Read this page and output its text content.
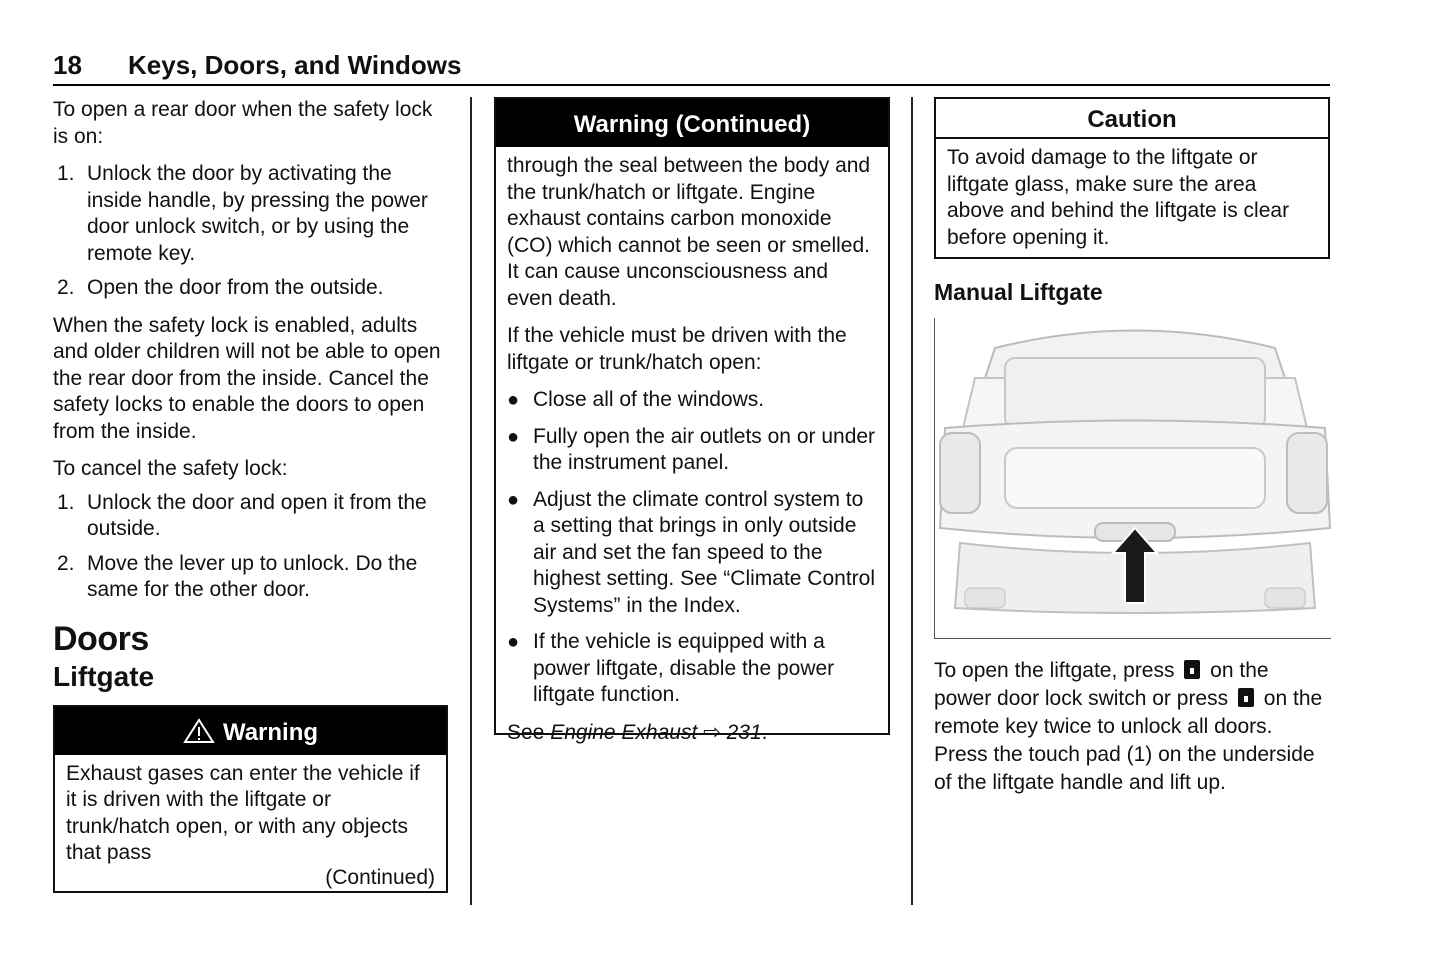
18 Keys, Doors, and Windows

To open a rear door when the safety lock is on:

1. Unlock the door by activating the inside handle, by pressing the power door unlock switch, or by using the remote key.
2. Open the door from the outside.

When the safety lock is enabled, adults and older children will not be able to open the rear door from the inside. Cancel the safety locks to enable the doors to open from the inside.

To cancel the safety lock:

1. Unlock the door and open it from the outside.
2. Move the lever up to unlock. Do the same for the other door.
Doors
Liftgate
Warning
Exhaust gases can enter the vehicle if it is driven with the liftgate or trunk/hatch open, or with any objects that pass
(Continued)
Warning (Continued)

through the seal between the body and the trunk/hatch or liftgate. Engine exhaust contains carbon monoxide (CO) which cannot be seen or smelled. It can cause unconsciousness and even death.

If the vehicle must be driven with the liftgate or trunk/hatch open:

● Close all of the windows.
● Fully open the air outlets on or under the instrument panel.
● Adjust the climate control system to a setting that brings in only outside air and set the fan speed to the highest setting. See “Climate Control Systems” in the Index.
● If the vehicle is equipped with a power liftgate, disable the power liftgate function.

See Engine Exhaust ⇨ 231.

Caution
To avoid damage to the liftgate or liftgate glass, make sure the area above and behind the liftgate is clear before opening it.
Manual Liftgate

To open the liftgate, press  on the power door lock switch or press  on the remote key twice to unlock all doors. Press the touch pad (1) on the underside of the liftgate handle and lift up.
